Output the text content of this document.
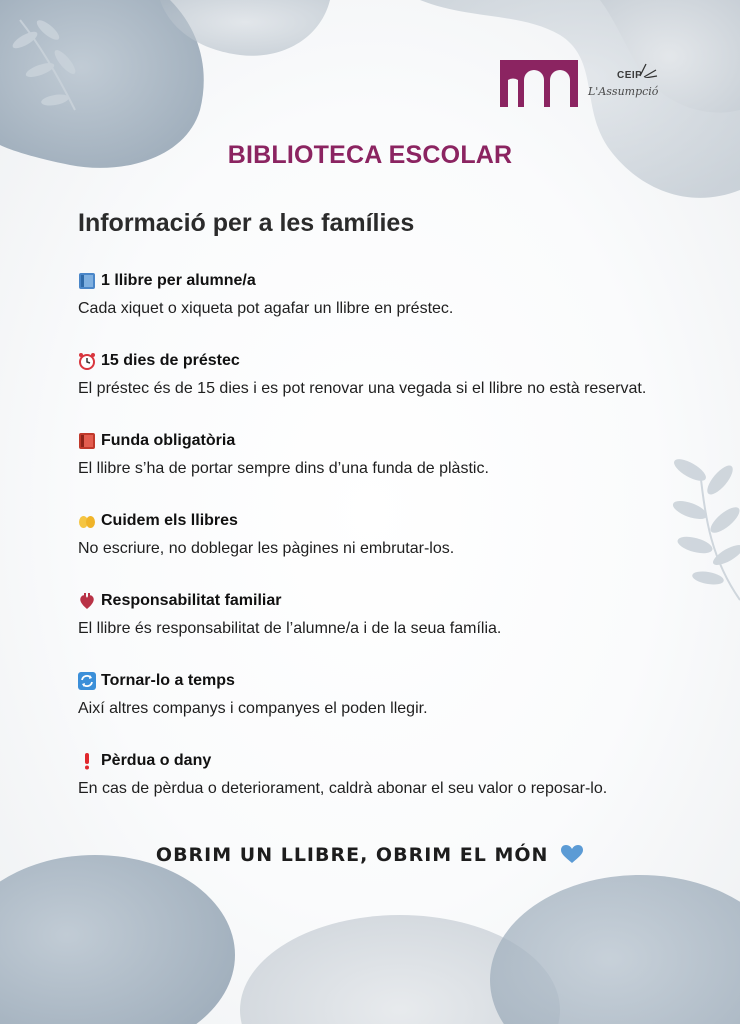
CEIP
L'Assumpció
BIBLIOTECA ESCOLAR
Informació per a les famílies
1 llibre per alumne/a
Cada xiquet o xiqueta pot agafar un llibre en préstec.
15 dies de préstec
El préstec és de 15 dies i es pot renovar una vegada si el llibre no està reservat.
Funda obligatòria
El llibre s’ha de portar sempre dins d’una funda de plàstic.
Cuidem els llibres
No escriure, no doblegar les pàgines ni embrutar-los.
Responsabilitat familiar
El llibre és responsabilitat de l’alumne/a i de la seua família.
Tornar-lo a temps
Així altres companys i companyes el poden llegir.
Pèrdua o dany
En cas de pèrdua o deteriorament, caldrà abonar el seu valor o reposar-lo.
OBRIM UN LLIBRE, OBRIM EL MÓN
